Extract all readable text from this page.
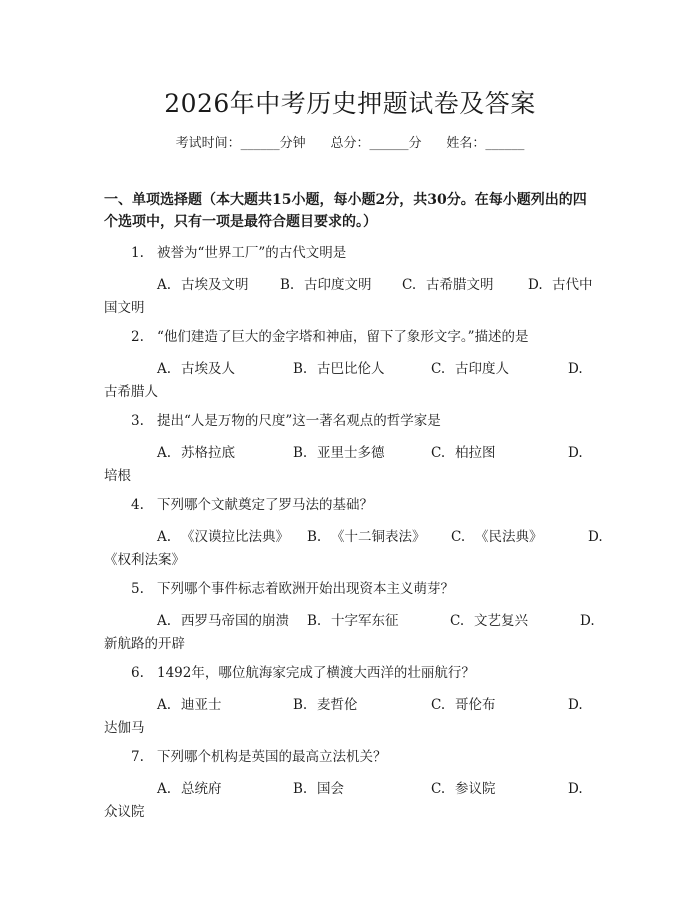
2026年中考历史押题试卷及答案
考试时间：______分钟 总分：______分 姓名：______
一、单项选择题（本大题共15小题，每小题2分，共30分。在每小题列出的四
个选项中，只有一项是最符合题目要求的。）
1. 被誉为“世界工厂”的古代文明是
A. 古埃及文明 B. 古印度文明 C. 古希腊文明	D. 古代中
国文明
2. “他们建造了巨大的金字塔和神庙，留下了象形文字。”描述的是
A. 古埃及人	B. 古巴比伦人	C. 古印度人	D.
古希腊人
3. 提出“人是万物的尺度”这一著名观点的哲学家是
A. 苏格拉底	B. 亚里士多德	C. 柏拉图	D.
培根
4. 下列哪个文献奠定了罗马法的基础？
A. 《汉谟拉比法典》 B. 《十二铜表法》 C. 《民法典》	D.
《权利法案》
5. 下列哪个事件标志着欧洲开始出现资本主义萌芽？
A. 西罗马帝国的崩溃 B. 十字军东征	C. 文艺复兴	D.
新航路的开辟
6. 1492年，哪位航海家完成了横渡大西洋的壮丽航行？
A. 迪亚士	B. 麦哲伦	C. 哥伦布	D.
达伽马
7. 下列哪个机构是英国的最高立法机关？
A. 总统府	B. 国会	C. 参议院	D.
众议院
